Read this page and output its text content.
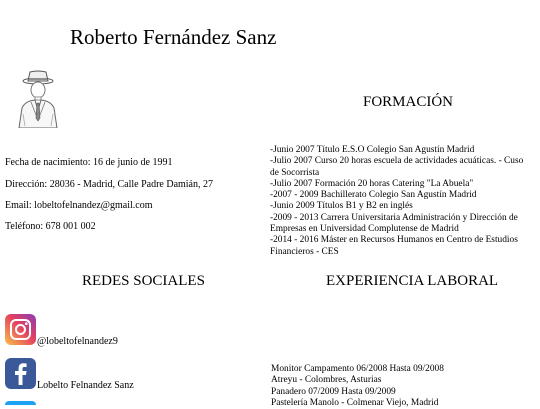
Roberto Fernández Sanz
FORMACIÓN
Fecha de nacimiento: 16 de junio de 1991
Dirección: 28036 - Madrid, Calle Padre Damián, 27
Email: lobeltofelnandez@gmail.com
Teléfono: 678 001 002
-Junio 2007 Título E.S.O Colegio San Agustín Madrid
-Julio 2007 Curso 20 horas escuela de actividades acuáticas. - Cuso de Socorrista
-Julio 2007 Formación 20 horas Catering "La Abuela"
-2007 - 2009 Bachillerato Colegio San Agustín Madrid
-Junio 2009 Títulos B1 y B2 en inglés
-2009 - 2013 Carrera Universitaria Administración y Dirección de Empresas en Universidad Complutense de Madrid
-2014 - 2016 Máster en Recursos Humanos en Centro de Estudios Financieros - CES
REDES SOCIALES	EXPERIENCIA LABORAL
@lobeltofelnandez9
Lobelto Felnandez Sanz
Monitor Campamento 06/2008 Hasta 09/2008
Atreyu - Colombres, Asturias
Panadero 07/2009 Hasta 09/2009
Pastelería Manolo - Colmenar Viejo, Madrid
